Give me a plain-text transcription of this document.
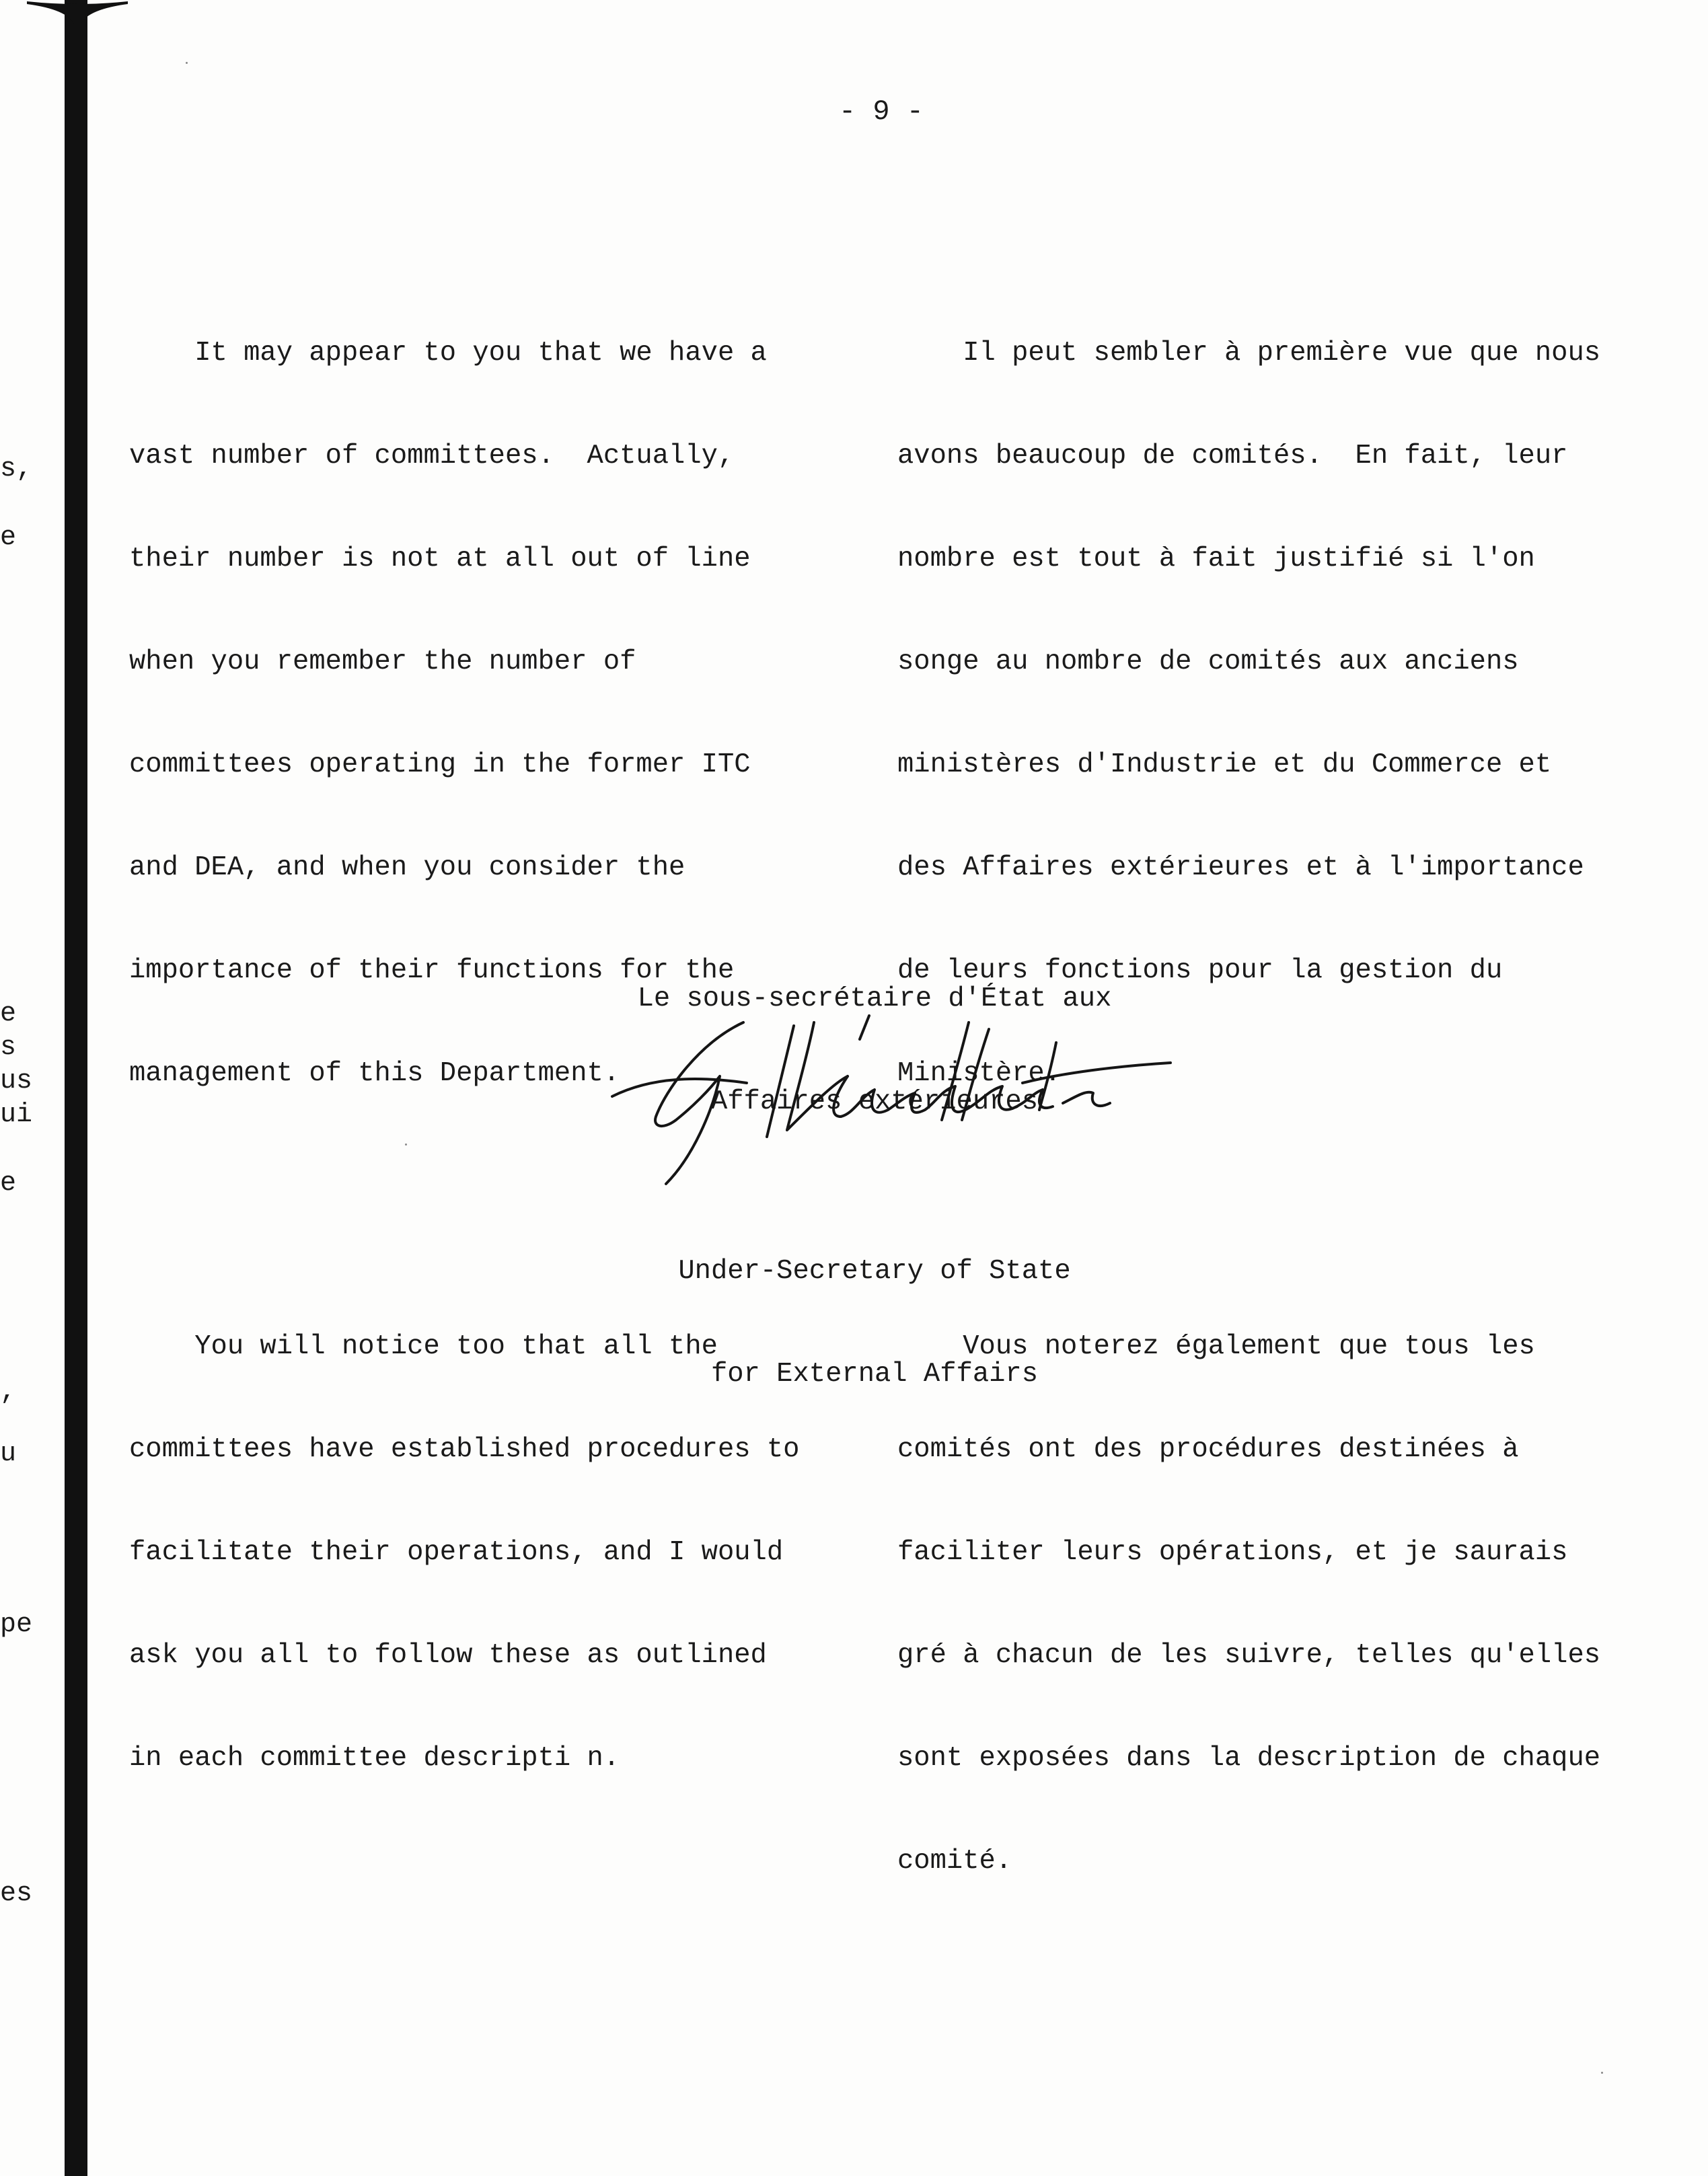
s,
e
e
s
us
ui
e
,
u
pe
es
- 9 -

It may appear to you that we have a

vast number of committees.  Actually,

their number is not at all out of line

when you remember the number of

committees operating in the former ITC

and DEA, and when you consider the

importance of their functions for the

management of this Department.

You will notice too that all the

committees have established procedures to

facilitate their operations, and I would

ask you all to follow these as outlined

in each committee descripti n.

Il peut sembler à première vue que nous

avons beaucoup de comités.  En fait, leur

nombre est tout à fait justifié si l'on

songe au nombre de comités aux anciens

ministères d'Industrie et du Commerce et

des Affaires extérieures et à l'importance

de leurs fonctions pour la gestion du

Ministère.

Vous noterez également que tous les

comités ont des procédures destinées à

faciliter leurs opérations, et je saurais

gré à chacun de les suivre, telles qu'elles

sont exposées dans la description de chaque

comité.

Le sous-secrétaire d'État aux

Affaires extérieures

Under-Secretary of State

for External Affairs
